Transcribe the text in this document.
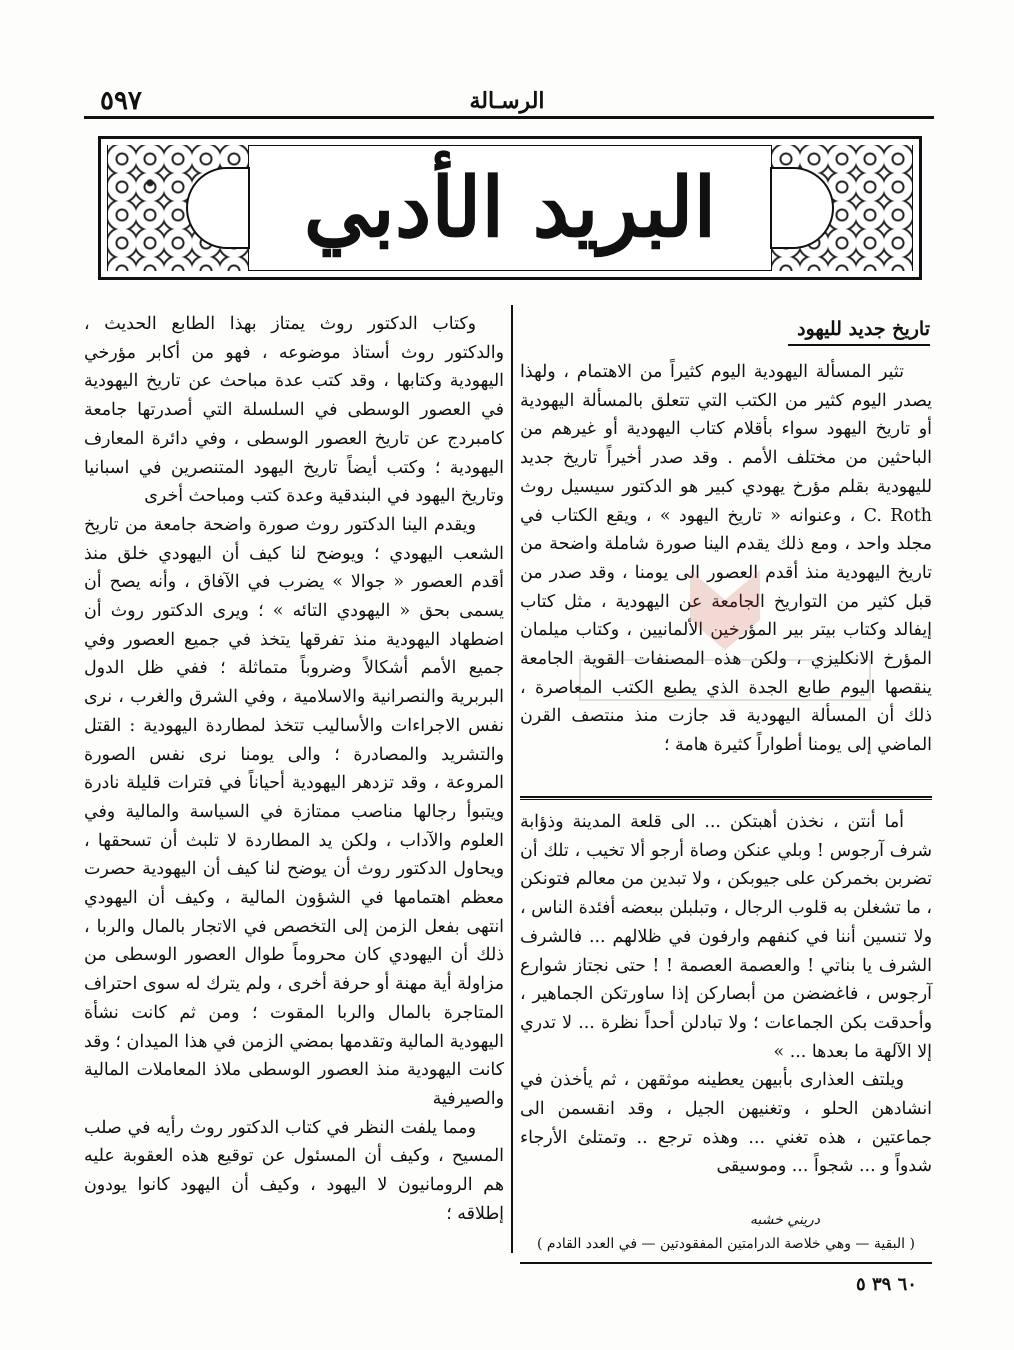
٥٩٧	الرسـالة
البريد الأدبي
تاريخ جديد لليهود

تثير المسألة اليهودية اليوم كثيراً من الاهتمام ، ولهذا يصدر اليوم كثير من الكتب التي تتعلق بالمسألة اليهودية أو تاريخ اليهود سواء بأقلام كتاب اليهودية أو غيرهم من الباحثين من مختلف الأمم . وقد صدر أخيراً تاريخ جديد لليهودية بقلم مؤرخ يهودي كبير هو الدكتور سيسيل روث C. Roth ، وعنوانه « تاريخ اليهود » ، ويقع الكتاب في مجلد واحد ، ومع ذلك يقدم الينا صورة شاملة واضحة من تاريخ اليهودية منذ أقدم العصور الى يومنا ، وقد صدر من قبل كثير من التواريخ الجامعة عن اليهودية ، مثل كتاب إيفالد وكتاب بيتر بير المؤرخين الألمانيين ، وكتاب ميلمان المؤرخ الانكليزي ، ولكن هذه المصنفات القوية الجامعة ينقصها اليوم طابع الجدة الذي يطبع الكتب المعاصرة ، ذلك أن المسألة اليهودية قد جازت منذ منتصف القرن الماضي إلى يومنا أطواراً كثيرة هامة ؛

أما أنتن ، نخذن أهبتكن ... الى قلعة المدينة وذؤابة شرف آرجوس ! وبلي عنكن وصاة أرجو ألا تخيب ، تلك أن تضربن بخمركن على جيوبكن ، ولا تبدين من معالم فتونكن ، ما تشغلن به قلوب الرجال ، وتبلبلن ببعضه أفئدة الناس ، ولا تنسين أننا في كنفهم وارفون في ظلالهم ... فالشرف الشرف يا بناتي ! والعصمة العصمة ! ! حتى نجتاز شوارع آرجوس ، فاغضضن من أبصاركن إذا ساورتكن الجماهير ، وأحدقت بكن الجماعات ؛ ولا تبادلن أحداً نظرة ... لا تدري إلا الآلهة ما بعدها ... »

ويلتف العذارى بأبيهن يعطينه موثقهن ، ثم يأخذن في انشادهن الحلو ، وتغنيهن الجيل ، وقد انقسمن الى جماعتين ، هذه تغني ... وهذه ترجع .. وتمتلئ الأرجاء شدواً و ... شجواً ... وموسيقى

دريني خشبه
( البقية — وهي خلاصة الدرامتين المفقودتين — في العدد القادم )
٦٠ ٣٩ ٥

وكتاب الدكتور روث يمتاز بهذا الطابع الحديث ، والدكتور روث أستاذ موضوعه ، فهو من أكابر مؤرخي اليهودية وكتابها ، وقد كتب عدة مباحث عن تاريخ اليهودية في العصور الوسطى في السلسلة التي أصدرتها جامعة كامبردج عن تاريخ العصور الوسطى ، وفي دائرة المعارف اليهودية ؛ وكتب أيضاً تاريخ اليهود المتنصرين في اسبانيا وتاريخ اليهود في البندقية وعدة كتب ومباحث أخرى

ويقدم الينا الدكتور روث صورة واضحة جامعة من تاريخ الشعب اليهودي ؛ ويوضح لنا كيف أن اليهودي خلق منذ أقدم العصور « جوالا » يضرب في الآفاق ، وأنه يصح أن يسمى بحق « اليهودي التائه » ؛ ويرى الدكتور روث أن اضطهاد اليهودية منذ تفرقها يتخذ في جميع العصور وفي جميع الأمم أشكالاً وضروباً متماثلة ؛ ففي ظل الدول البربرية والنصرانية والاسلامية ، وفي الشرق والغرب ، نرى نفس الاجراءات والأساليب تتخذ لمطاردة اليهودية : القتل والتشريد والمصادرة ؛ والى يومنا نرى نفس الصورة المروعة ، وقد تزدهر اليهودية أحياناً في فترات قليلة نادرة ويتبوأ رجالها مناصب ممتازة في السياسة والمالية وفي العلوم والآداب ، ولكن يد المطاردة لا تلبث أن تسحقها ، ويحاول الدكتور روث أن يوضح لنا كيف أن اليهودية حصرت معظم اهتمامها في الشؤون المالية ، وكيف أن اليهودي انتهى بفعل الزمن إلى التخصص في الاتجار بالمال والربا ، ذلك أن اليهودي كان محروماً طوال العصور الوسطى من مزاولة أية مهنة أو حرفة أخرى ، ولم يترك له سوى احتراف المتاجرة بالمال والربا المقوت ؛ ومن ثم كانت نشأة اليهودية المالية وتقدمها بمضي الزمن في هذا الميدان ؛ وقد كانت اليهودية منذ العصور الوسطى ملاذ المعاملات المالية والصيرفية

ومما يلفت النظر في كتاب الدكتور روث رأيه في صلب المسيح ، وكيف أن المسئول عن توقيع هذه العقوبة عليه هم الرومانيون لا اليهود ، وكيف أن اليهود كانوا يودون إطلاقه ؛
